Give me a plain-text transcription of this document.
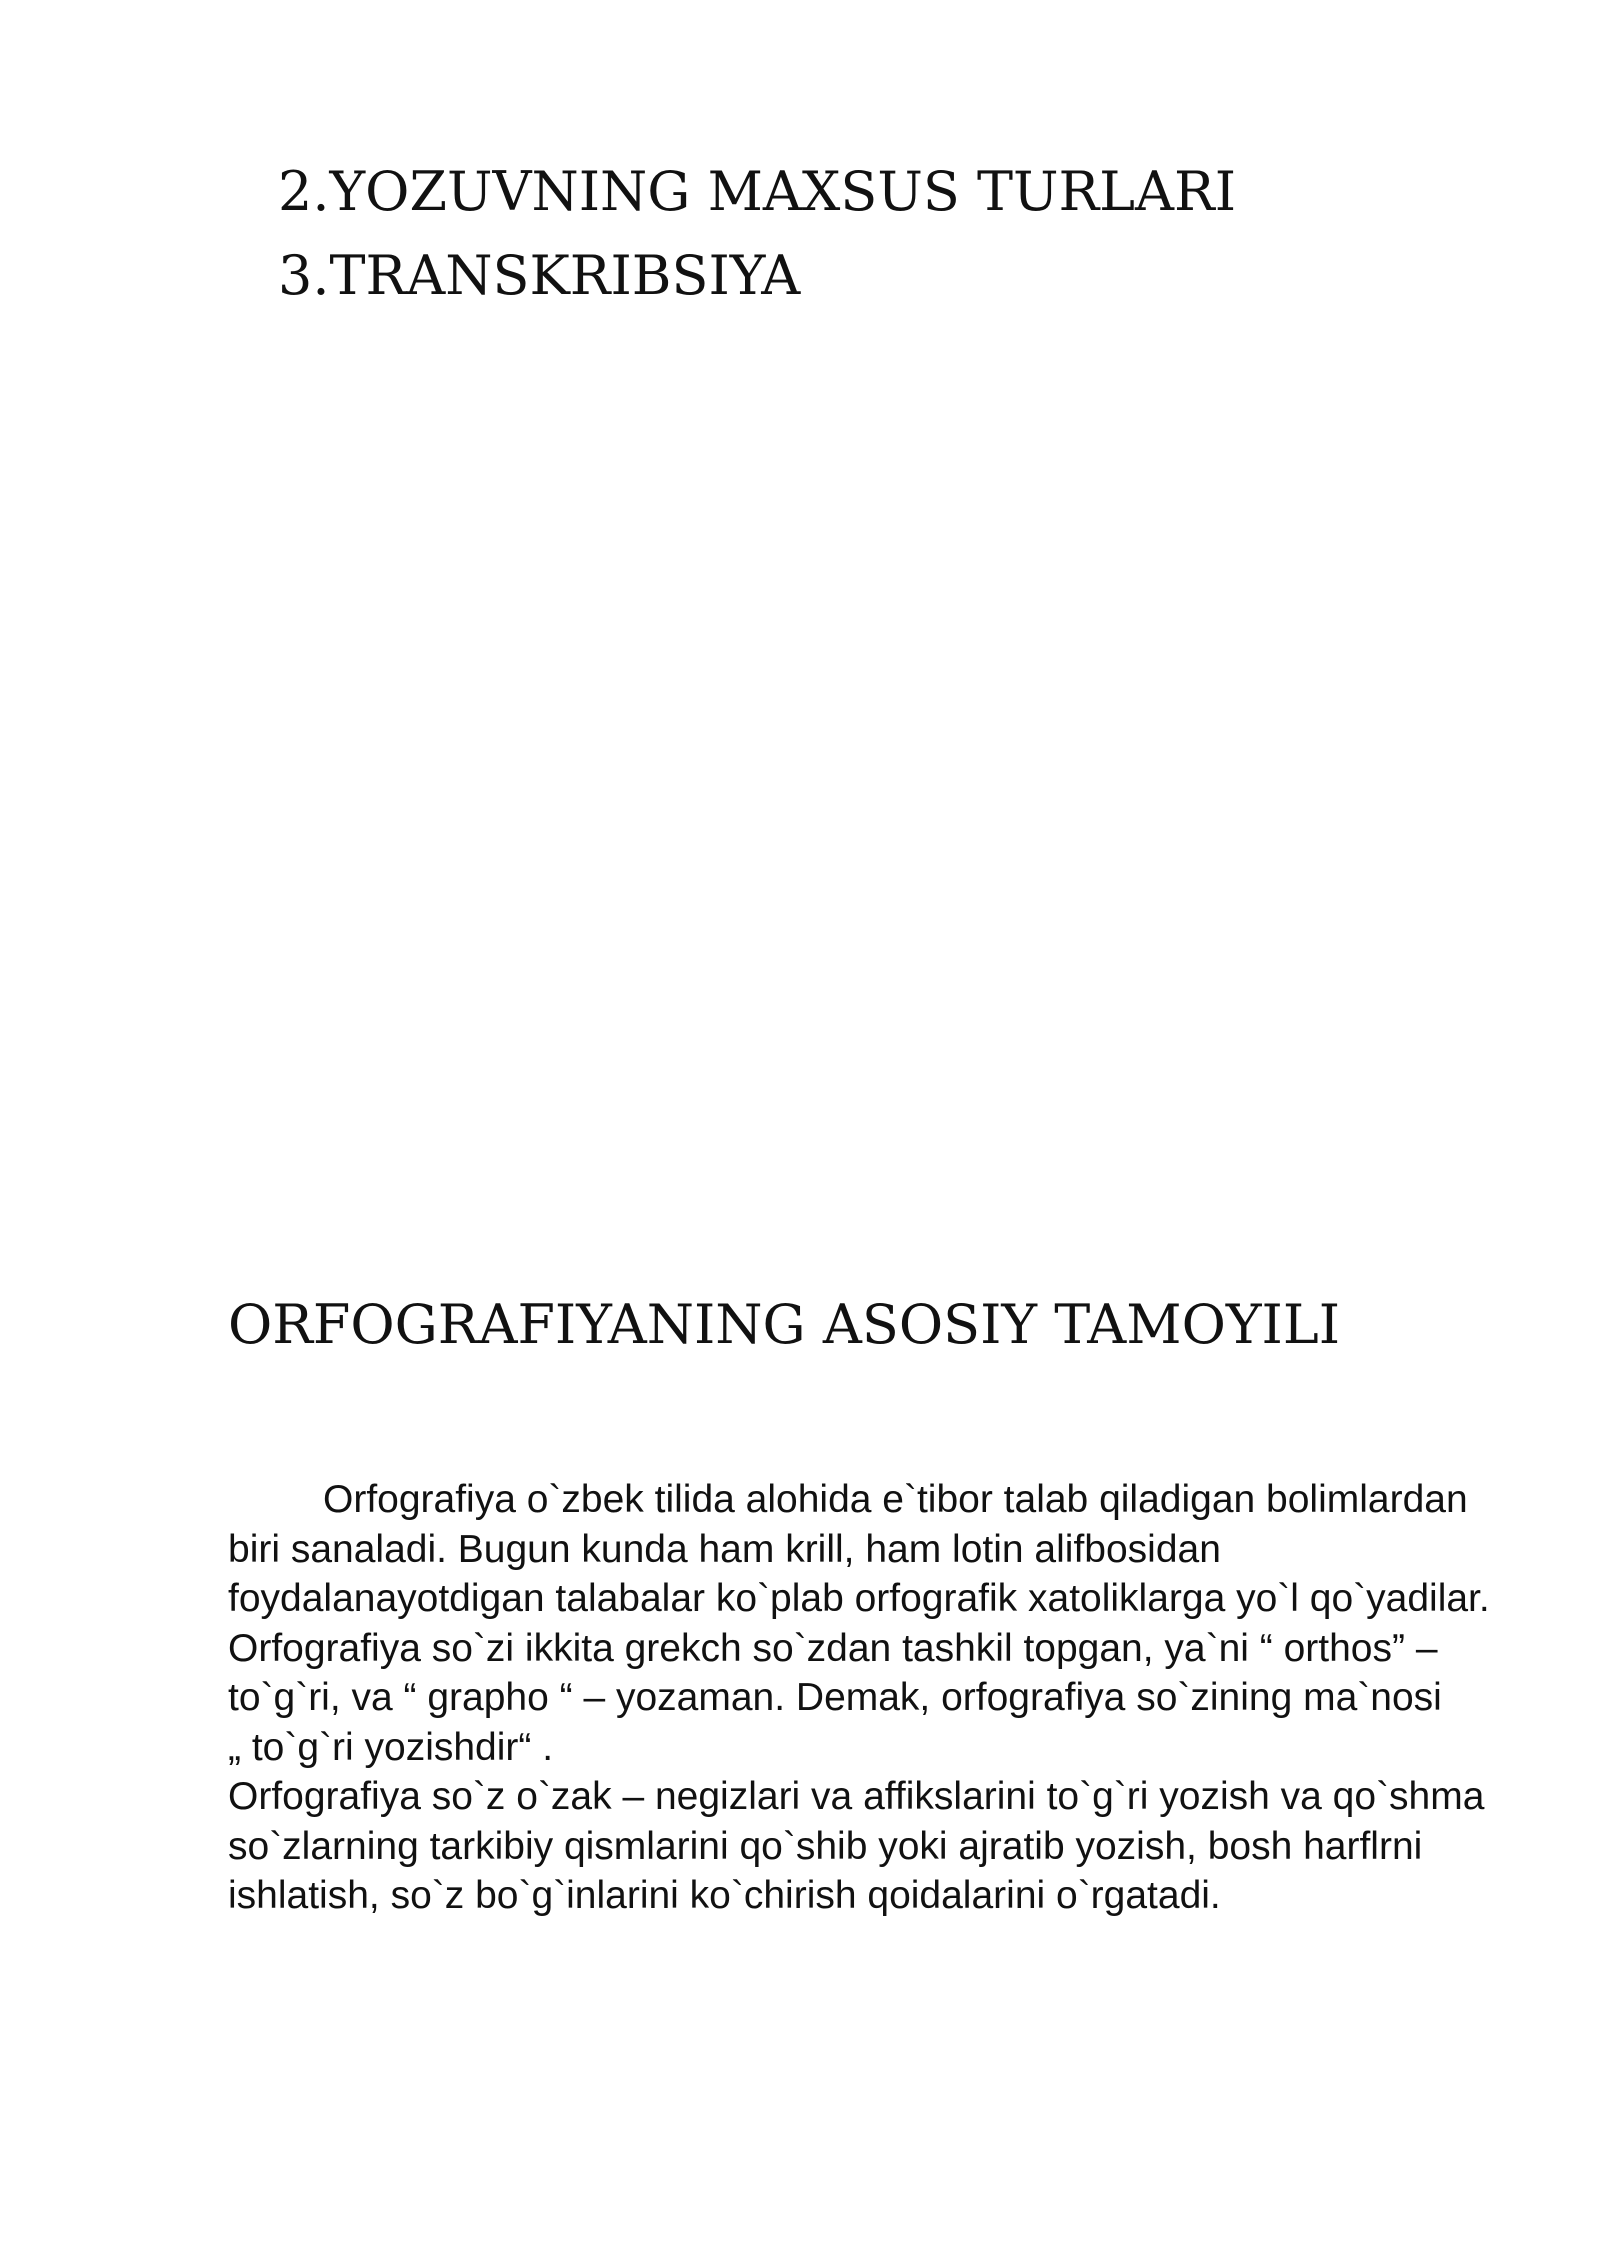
2.YOZUVNING MAXSUS TURLARI
3.TRANSKRIBSIYA
ORFOGRAFIYANING ASOSIY TAMOYILI

Orfografiya o`zbek tilida alohida e`tibor talab qiladigan bolimlardan biri sanaladi. Bugun kunda ham krill, ham lotin alifbosidan foydalanayotdigan talabalar ko`plab orfografik xatoliklarga yo`l qo`yadilar.

Orfografiya so`zi ikkita grekch so`zdan tashkil topgan, ya`ni “ orthos” – to`g`ri, va “ grapho “ – yozaman. Demak, orfografiya so`zining ma`nosi

„ to`g`ri yozishdir“ .

Orfografiya so`z o`zak – negizlari va affikslarini to`g`ri yozish va qo`shma so`zlarning tarkibiy qismlarini qo`shib yoki ajratib yozish, bosh harflrni ishlatish, so`z bo`g`inlarini ko`chirish qoidalarini o`rgatadi.
